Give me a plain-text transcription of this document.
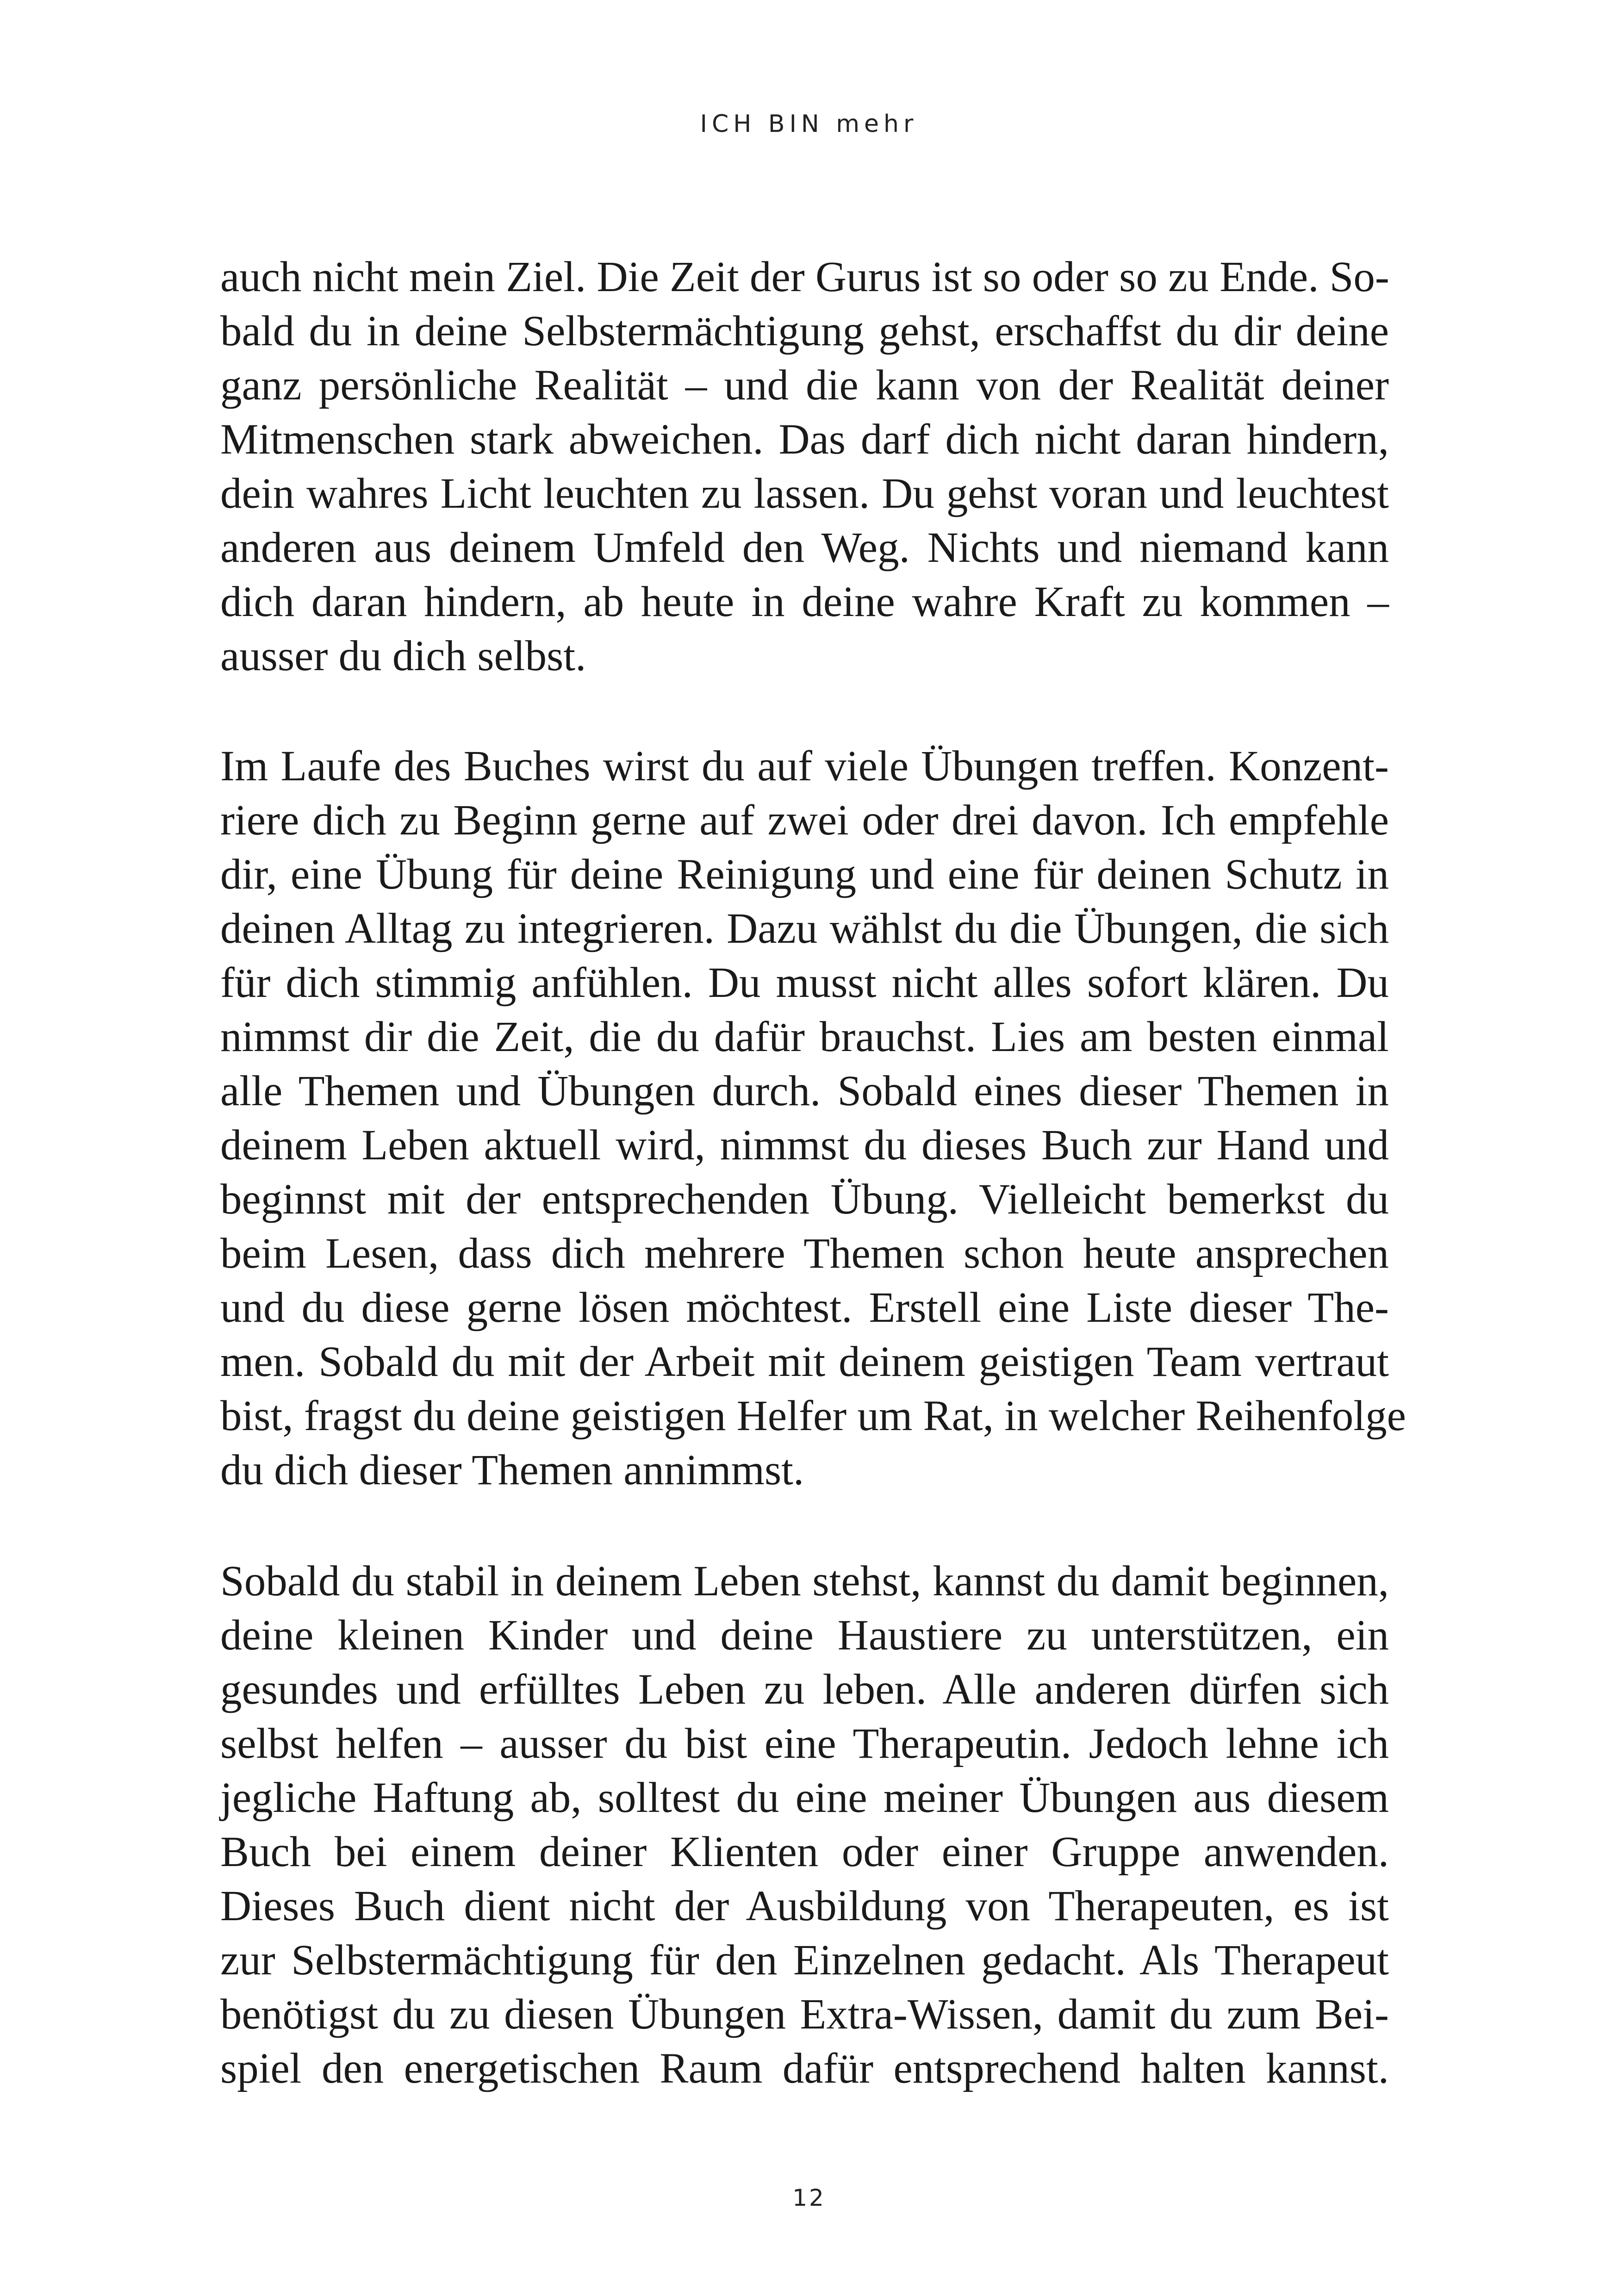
ICH BIN mehr
auch nicht mein Ziel. Die Zeit der Gurus ist so oder so zu Ende. So-
bald du in deine Selbstermächtigung gehst, erschaffst du dir deine
ganz persönliche Realität – und die kann von der Realität deiner
Mitmenschen stark abweichen. Das darf dich nicht daran hindern,
dein wahres Licht leuchten zu lassen. Du gehst voran und leuchtest
anderen aus deinem Umfeld den Weg. Nichts und niemand kann
dich daran hindern, ab heute in deine wahre Kraft zu kommen –
ausser du dich selbst.
Im Laufe des Buches wirst du auf viele Übungen treffen. Konzent-
riere dich zu Beginn gerne auf zwei oder drei davon. Ich empfehle
dir, eine Übung für deine Reinigung und eine für deinen Schutz in
deinen Alltag zu integrieren. Dazu wählst du die Übungen, die sich
für dich stimmig anfühlen. Du musst nicht alles sofort klären. Du
nimmst dir die Zeit, die du dafür brauchst. Lies am besten einmal
alle Themen und Übungen durch. Sobald eines dieser Themen in
deinem Leben aktuell wird, nimmst du dieses Buch zur Hand und
beginnst mit der entsprechenden Übung. Vielleicht bemerkst du
beim Lesen, dass dich mehrere Themen schon heute ansprechen
und du diese gerne lösen möchtest. Erstell eine Liste dieser The-
men. Sobald du mit der Arbeit mit deinem geistigen Team vertraut
bist, fragst du deine geistigen Helfer um Rat, in welcher Reihenfolge
du dich dieser Themen annimmst.
Sobald du stabil in deinem Leben stehst, kannst du damit beginnen,
deine kleinen Kinder und deine Haustiere zu unterstützen, ein
gesundes und erfülltes Leben zu leben. Alle anderen dürfen sich
selbst helfen – ausser du bist eine Therapeutin. Jedoch lehne ich
jegliche Haftung ab, solltest du eine meiner Übungen aus diesem
Buch bei einem deiner Klienten oder einer Gruppe anwenden.
Dieses Buch dient nicht der Ausbildung von Therapeuten, es ist
zur Selbstermächtigung für den Einzelnen gedacht. Als Therapeut
benötigst du zu diesen Übungen Extra-Wissen, damit du zum Bei-
spiel den energetischen Raum dafür entsprechend halten kannst.
12
